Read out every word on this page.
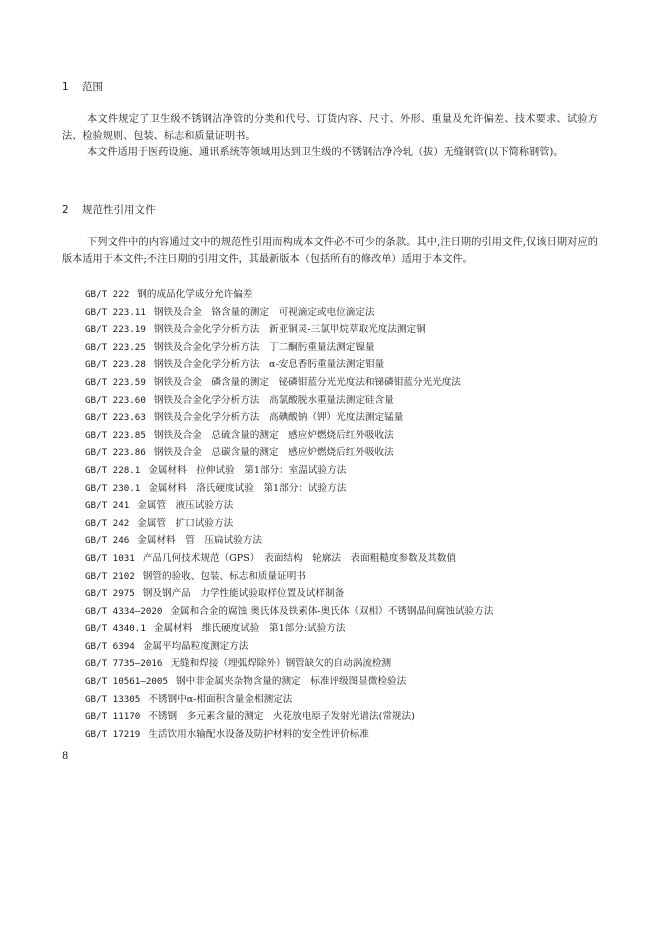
1 范围

本文件规定了卫生级不锈钢洁净管的分类和代号、订货内容、尺寸、外形、重量及允许偏差、技术要求、试验方法、检验规则、包装、标志和质量证明书。

本文件适用于医药设施、通讯系统等领域用达到卫生级的不锈钢洁净冷轧（拔）无缝钢管(以下简称钢管)。

2 规范性引用文件

下列文件中的内容通过文中的规范性引用而构成本文件必不可少的条款。其中,注日期的引用文件,仅该日期对应的版本适用于本文件;不注日期的引用文件，其最新版本（包括所有的修改单）适用于本文件。

GB/T 222 钢的成品化学成分允许偏差
GB/T 223.11 钢铁及合金　铬含量的测定　可视滴定或电位滴定法
GB/T 223.19 钢铁及合金化学分析方法　新亚铜灵-三氯甲烷萃取光度法测定铜
GB/T 223.25 钢铁及合金化学分析方法　丁二酮肟重量法测定镍量
GB/T 223.28 钢铁及合金化学分析方法　α-安息香肟重量法测定钼量
GB/T 223.59 钢铁及合金　磷含量的测定　铋磷钼蓝分光光度法和锑磷钼蓝分光光度法
GB/T 223.60 钢铁及合金化学分析方法　高氯酸脱水重量法测定硅含量
GB/T 223.63 钢铁及合金化学分析方法　高碘酸钠（钾）光度法测定锰量
GB/T 223.85 钢铁及合金　总硫含量的测定　感应炉燃烧后红外吸收法
GB/T 223.86 钢铁及合金　总碳含量的测定　感应炉燃烧后红外吸收法
GB/T 228.1 金属材料　拉伸试验　第1部分：室温试验方法
GB/T 230.1 金属材料　洛氏硬度试验　第1部分：试验方法
GB/T 241 金属管　液压试验方法
GB/T 242 金属管　扩口试验方法
GB/T 246 金属材料　管　压扁试验方法
GB/T 1031 产品几何技术规范（GPS）　表面结构　轮廓法　表面粗糙度参数及其数值
GB/T 2102 钢管的验收、包装、标志和质量证明书
GB/T 2975 钢及钢产品　力学性能试验取样位置及试样制备
GB/T 4334—2020 金属和合金的腐蚀 奥氏体及铁素体-奥氏体（双相）不锈钢晶间腐蚀试验方法
GB/T 4340.1 金属材料　维氏硬度试验　第1部分:试验方法
GB/T 6394 金属平均晶粒度测定方法
GB/T 7735—2016 无缝和焊接（埋弧焊除外）钢管缺欠的自动涡流检测
GB/T 10561—2005 钢中非金属夹杂物含量的测定　标准评级图显微检验法
GB/T 13305 不锈钢中α-相面积含量金相测定法
GB/T 11170 不锈钢　多元素含量的测定　火花放电原子发射光谱法(常规法)
GB/T 17219 生活饮用水输配水设备及防护材料的安全性评价标准
8
